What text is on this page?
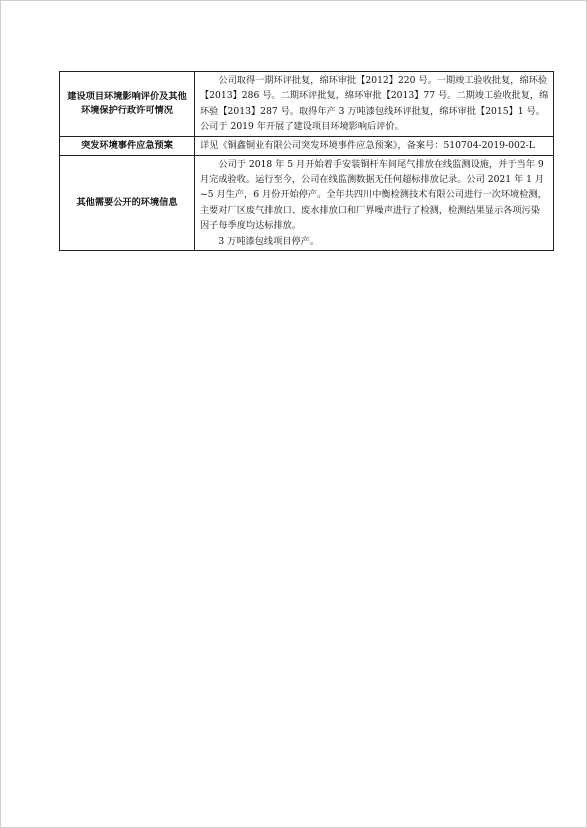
建设项目环境影响评价及其他环境保护行政许可情况	公司取得一期环评批复，绵环审批【2012】220 号。一期竣工验收批复，绵环验【2013】286 号。二期环评批复，绵环审批【2013】77 号。二期竣工验收批复，绵环验【2013】287 号。取得年产 3 万吨漆包线环评批复，绵环审批【2015】1 号。公司于 2019 年开展了建设项目环境影响后评价。

突发环境事件应急预案	详见《铜鑫铜业有限公司突发环境事件应急预案》，备案号：510704-2019-002-L

其他需要公开的环境信息	公司于 2018 年 5 月开始着手安装铜杆车间尾气排放在线监测设施，并于当年 9 月完成验收。运行至今，公司在线监测数据无任何超标排放记录。公司 2021 年 1 月~5 月生产，6 月份开始停产。全年共四川中衡检测技术有限公司进行一次环境检测，主要对厂区废气排放口、废水排放口和厂界噪声进行了检测，检测结果显示各项污染因子每季度均达标排放。
3 万吨漆包线项目停产。
